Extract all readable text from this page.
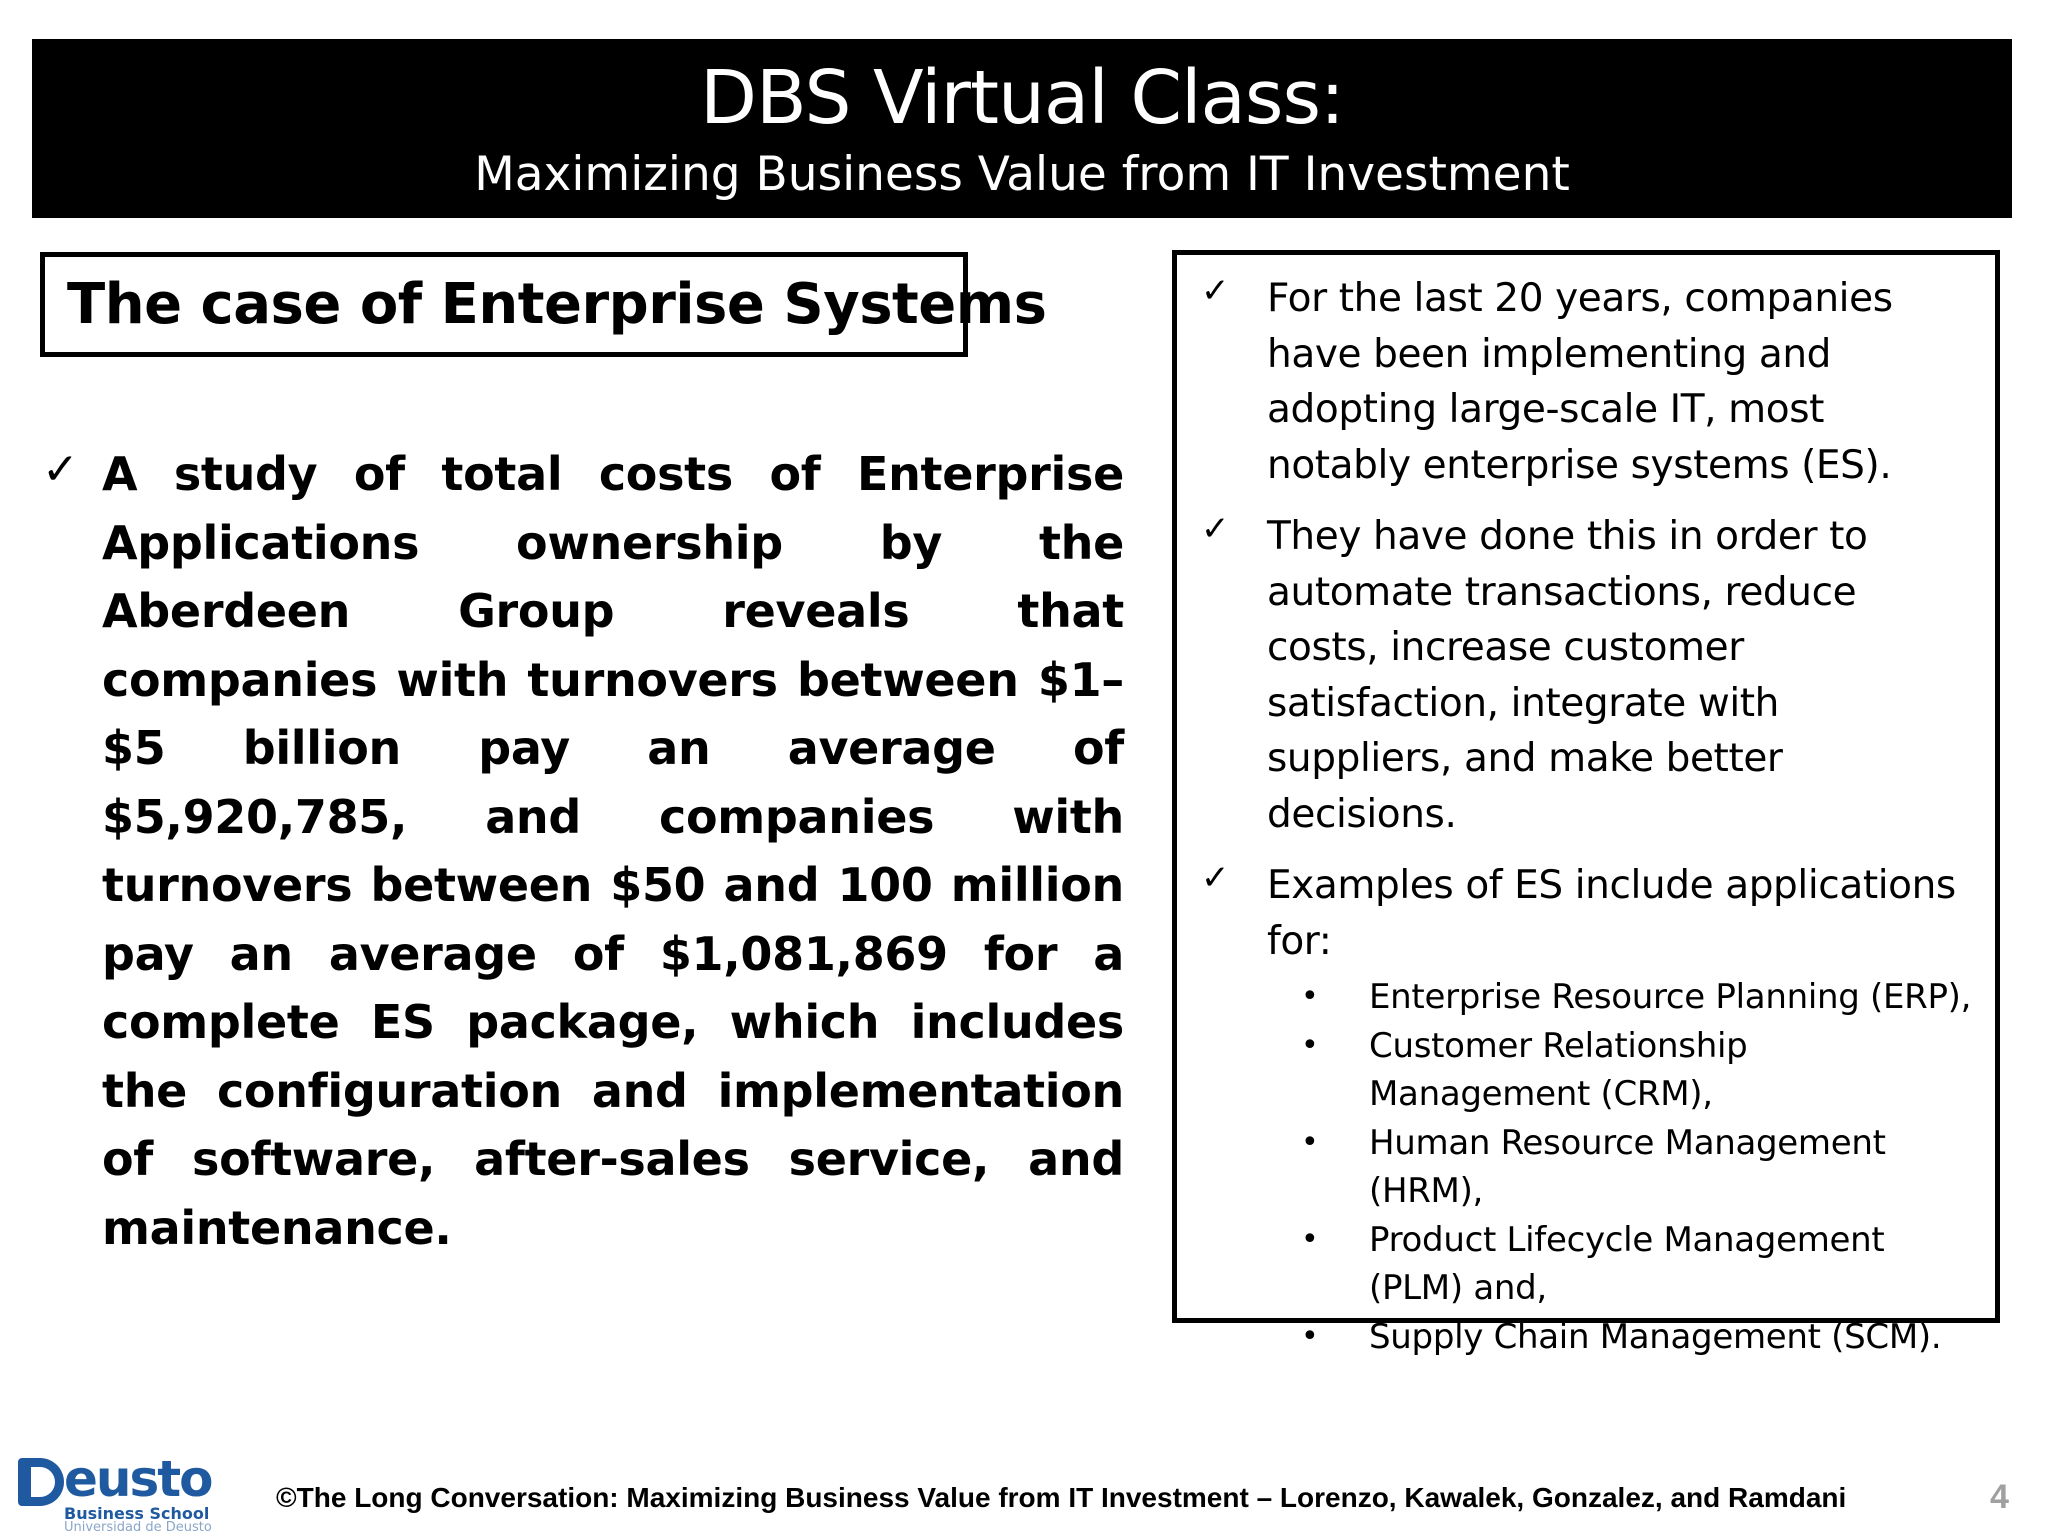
DBS Virtual Class:
Maximizing Business Value from IT Investment
The case of Enterprise Systems
✓ A study of total costs of Enterprise Applications ownership by the Aberdeen Group reveals that companies with turnovers between $1–$5 billion pay an average of $5,920,785, and companies with turnovers between $50 and 100 million pay an average of $1,081,869 for a complete ES package, which includes the configuration and implementation of software, after-sales service, and maintenance.
✓ For the last 20 years, companies have been implementing and adopting large-scale IT, most notably enterprise systems (ES).
✓ They have done this in order to automate transactions, reduce costs, increase customer satisfaction, integrate with suppliers, and make better decisions.
✓ Examples of ES include applications for:
• Enterprise Resource Planning (ERP),
• Customer Relationship Management (CRM),
• Human Resource Management (HRM),
• Product Lifecycle Management (PLM) and,
• Supply Chain Management (SCM).
eusto
Business School
Universidad de Deusto
©The Long Conversation: Maximizing Business Value from IT Investment – Lorenzo, Kawalek, Gonzalez, and Ramdani	4
